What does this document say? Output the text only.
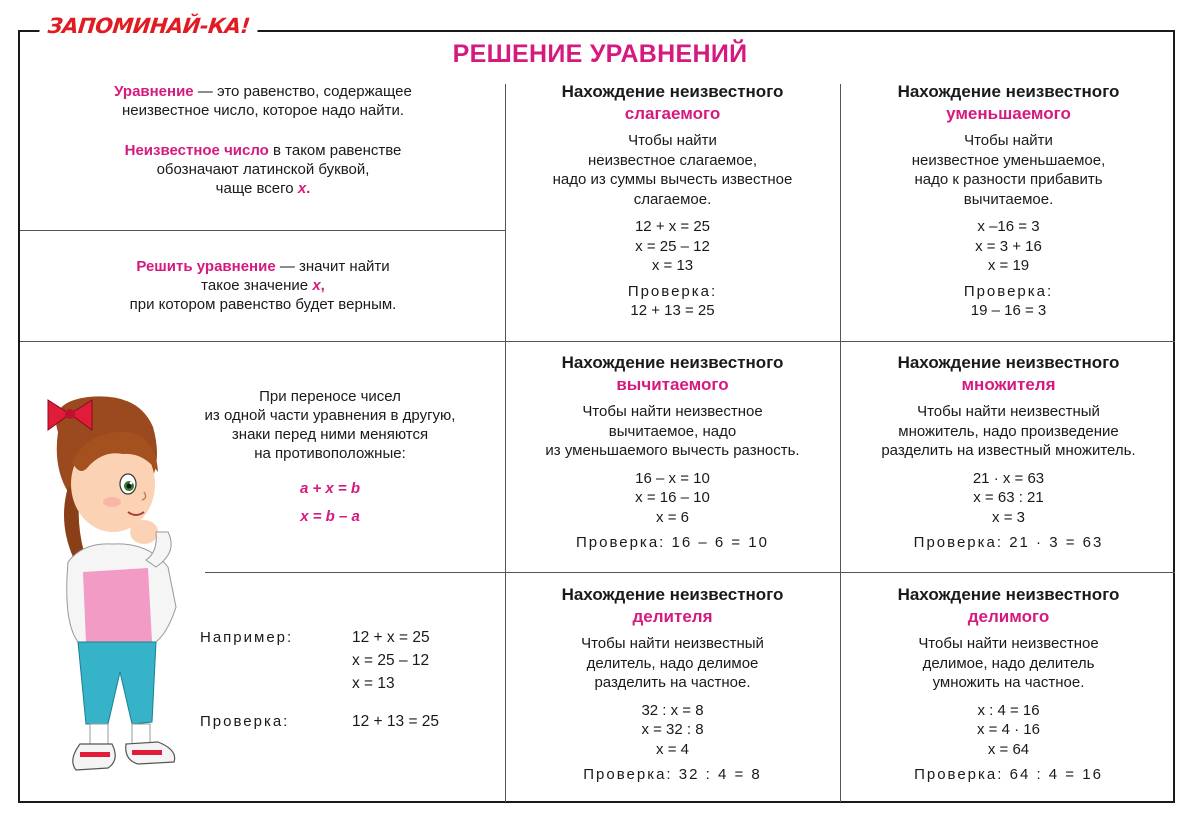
ЗАПОМИНАЙ-КА!
РЕШЕНИЕ УРАВНЕНИЙ
Уравнение — это равенство, содержащее
неизвестное число, которое надо найти.
Неизвестное число в таком равенстве
обозначают латинской буквой,
чаще всего x.
Решить уравнение — значит найти
такое значение x,
при котором равенство будет верным.
При переносе чисел
из одной части уравнения в другую,
знаки перед ними меняются
на противоположные:
a + x = b
x = b – a
Например:	12 + x = 25
x = 25 – 12
x = 13
Проверка:	12 + 13 = 25
Нахождение неизвестного
слагаемого
Чтобы найти
неизвестное слагаемое,
надо из суммы вычесть известное
слагаемое.
12 + x = 25
x = 25 – 12
x = 13
Проверка:
12 + 13 = 25
Нахождение неизвестного
уменьшаемого
Чтобы найти
неизвестное уменьшаемое,
надо к разности прибавить
вычитаемое.
x –16 = 3
x = 3 + 16
x = 19
Проверка:
19 – 16 = 3
Нахождение неизвестного
вычитаемого
Чтобы найти неизвестное
вычитаемое, надо
из уменьшаемого вычесть разность.
16 – x = 10
x = 16 – 10
x = 6
Проверка: 16 – 6 = 10
Нахождение неизвестного
множителя
Чтобы найти неизвестный
множитель, надо произведение
разделить на известный множитель.
21 · x = 63
x = 63 : 21
x = 3
Проверка: 21 · 3 = 63
Нахождение неизвестного
делителя
Чтобы найти неизвестный
делитель, надо делимое
разделить на частное.
32 : x = 8
x = 32 : 8
x = 4
Проверка: 32 : 4 = 8
Нахождение неизвестного
делимого
Чтобы найти неизвестное
делимое, надо делитель
умножить на частное.
x : 4 = 16
x = 4 · 16
x = 64
Проверка: 64 : 4 = 16
